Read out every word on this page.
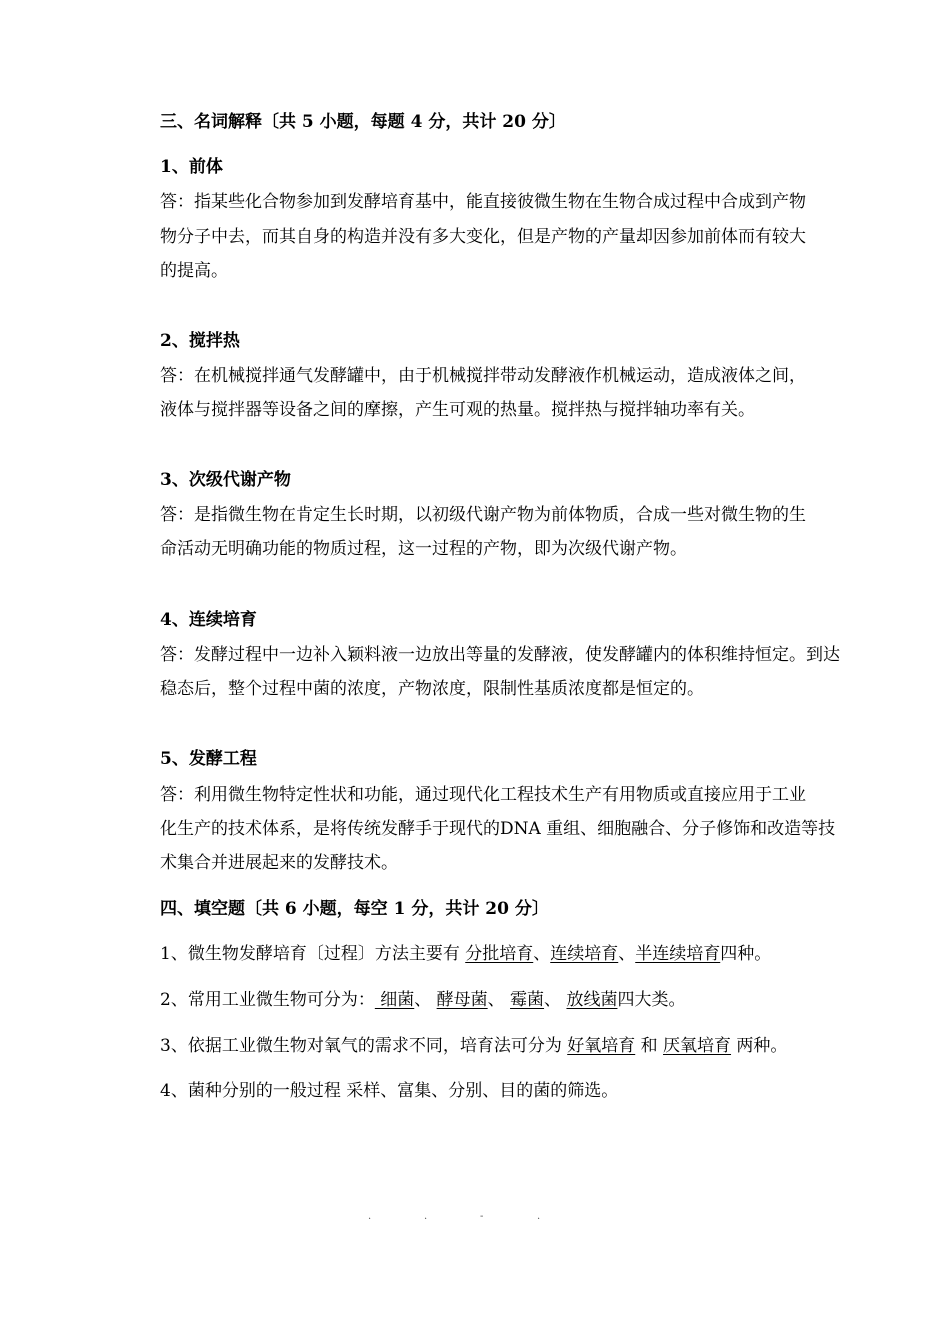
三、名词解释〔共 5 小题，每题 4 分，共计 20 分〕
1、前体
答：指某些化合物参加到发酵培育基中，能直接彼微生物在生物合成过程中合成到产物
物分子中去，而其自身的构造并没有多大变化，但是产物的产量却因参加前体而有较大
的提高。
2、搅拌热
答：在机械搅拌通气发酵罐中，由于机械搅拌带动发酵液作机械运动，造成液体之间，
液体与搅拌器等设备之间的摩擦，产生可观的热量。搅拌热与搅拌轴功率有关。
3、次级代谢产物
答：是指微生物在肯定生长时期，以初级代谢产物为前体物质，合成一些对微生物的生
命活动无明确功能的物质过程，这一过程的产物，即为次级代谢产物。
4、连续培育
答：发酵过程中一边补入颖料液一边放出等量的发酵液，使发酵罐内的体积维持恒定。到达
稳态后，整个过程中菌的浓度，产物浓度，限制性基质浓度都是恒定的。
5、发酵工程
答：利用微生物特定性状和功能，通过现代化工程技术生产有用物质或直接应用于工业
化生产的技术体系，是将传统发酵手于现代的DNA 重组、细胞融合、分子修饰和改造等技
术集合并进展起来的发酵技术。
四、填空题〔共 6 小题，每空 1 分，共计 20 分〕
1、微生物发酵培育〔过程〕方法主要有 分批培育、连续培育、半连续培育四种。
2、常用工业微生物可分为： 细菌、 酵母菌、 霉菌、 放线菌四大类。
3、依据工业微生物对氧气的需求不同，培育法可分为 好氧培育 和 厌氧培育 两种。
4、菌种分别的一般过程 采样、富集、分别、目的菌的筛选。
.	.	-	.
